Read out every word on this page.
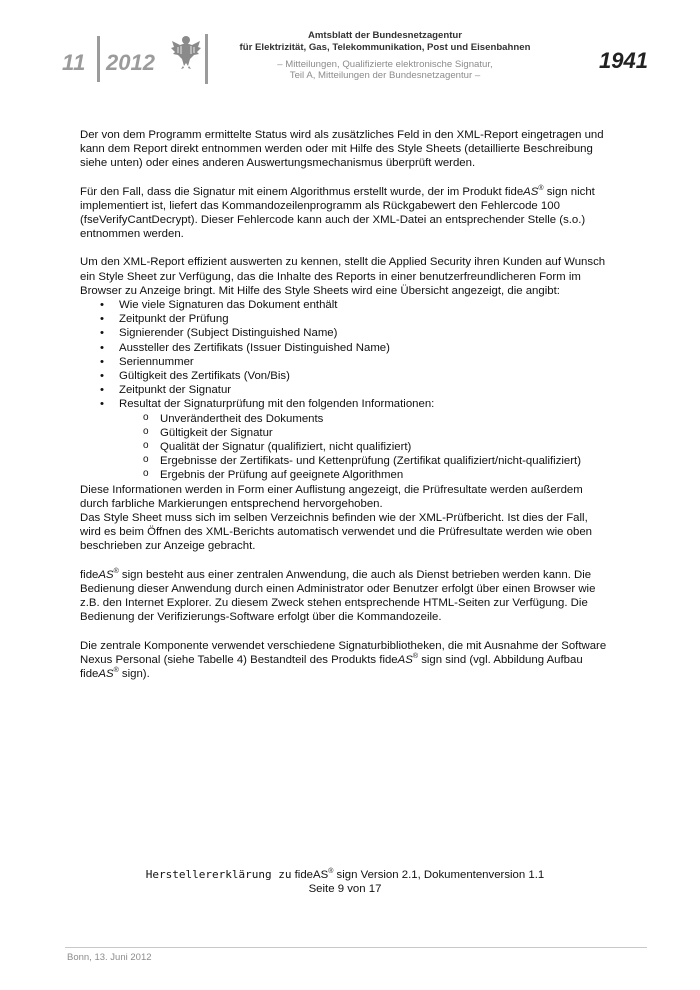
11 2012
Amtsblatt der Bundesnetzagentur
für Elektrizität, Gas, Telekommunikation, Post und Eisenbahnen
– Mitteilungen, Qualifizierte elektronische Signatur,
Teil A, Mitteilungen der Bundesnetzagentur –
1941

Der von dem Programm ermittelte Status wird als zusätzliches Feld in den XML-Report eingetragen und kann dem Report direkt entnommen werden oder mit Hilfe des Style Sheets (detaillierte Beschreibung siehe unten) oder eines anderen Auswertungsmechanismus überprüft werden.

Für den Fall, dass die Signatur mit einem Algorithmus erstellt wurde, der im Produkt fideAS® sign nicht implementiert ist, liefert das Kommandozeilenprogramm als Rückgabewert den Fehlercode 100 (fseVerifyCantDecrypt). Dieser Fehlercode kann auch der XML-Datei an entsprechender Stelle (s.o.) entnommen werden.

Um den XML-Report effizient auswerten zu kennen, stellt die Applied Security ihren Kunden auf Wunsch ein Style Sheet zur Verfügung, das die Inhalte des Reports in einer benutzerfreundlicheren Form im Browser zu Anzeige bringt. Mit Hilfe des Style Sheets wird eine Übersicht angezeigt, die angibt:

• Wie viele Signaturen das Dokument enthält
• Zeitpunkt der Prüfung
• Signierender (Subject Distinguished Name)
• Aussteller des Zertifikats (Issuer Distinguished Name)
• Seriennummer
• Gültigkeit des Zertifikats (Von/Bis)
• Zeitpunkt der Signatur
• Resultat der Signaturprüfung mit den folgenden Informationen:
o Unverändertheit des Dokuments
o Gültigkeit der Signatur
o Qualität der Signatur (qualifiziert, nicht qualifiziert)
o Ergebnisse der Zertifikats- und Kettenprüfung (Zertifikat qualifiziert/nicht-qualifiziert)
o Ergebnis der Prüfung auf geeignete Algorithmen

Diese Informationen werden in Form einer Auflistung angezeigt, die Prüfresultate werden außerdem durch farbliche Markierungen entsprechend hervorgehoben.

Das Style Sheet muss sich im selben Verzeichnis befinden wie der XML-Prüfbericht. Ist dies der Fall, wird es beim Öffnen des XML-Berichts automatisch verwendet und die Prüfresultate werden wie oben beschrieben zur Anzeige gebracht.

fideAS® sign besteht aus einer zentralen Anwendung, die auch als Dienst betrieben werden kann. Die Bedienung dieser Anwendung durch einen Administrator oder Benutzer erfolgt über einen Browser wie z.B. den Internet Explorer. Zu diesem Zweck stehen entsprechende HTML-Seiten zur Verfügung. Die Bedienung der Verifizierungs-Software erfolgt über die Kommandozeile.

Die zentrale Komponente verwendet verschiedene Signaturbibliotheken, die mit Ausnahme der Software Nexus Personal (siehe Tabelle 4) Bestandteil des Produkts fideAS® sign sind (vgl. Abbildung Aufbau fideAS® sign).

Herstellererklärung zu fideAS® sign Version 2.1, Dokumentenversion 1.1
Seite 9 von 17
Bonn, 13. Juni 2012
